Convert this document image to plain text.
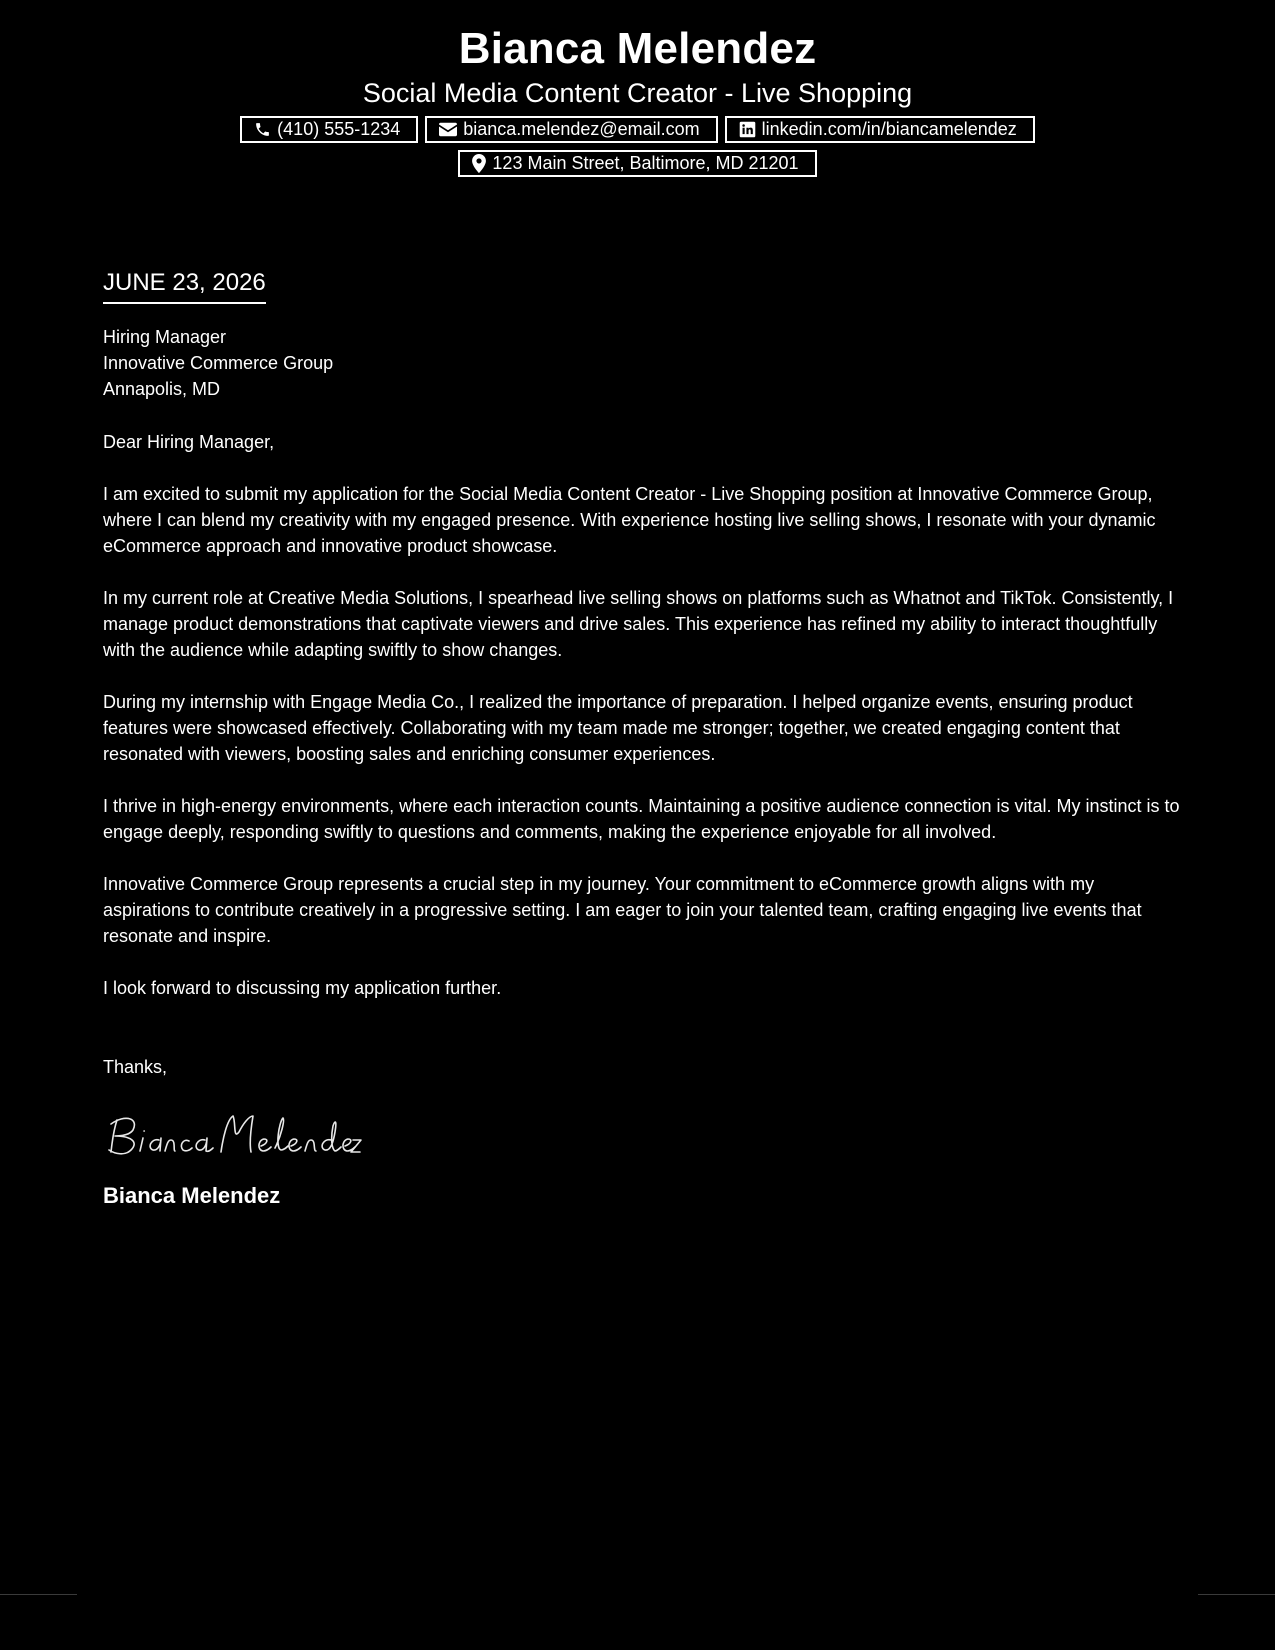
Bianca Melendez
Social Media Content Creator - Live Shopping
(410) 555-1234	bianca.melendez@email.com	linkedin.com/in/biancamelendez
123 Main Street, Baltimore, MD 21201
JUNE 23, 2026
Hiring Manager
Innovative Commerce Group
Annapolis, MD
Dear Hiring Manager,

I am excited to submit my application for the Social Media Content Creator - Live Shopping position at Innovative Commerce Group, where I can blend my creativity with my engaged presence. With experience hosting live selling shows, I resonate with your dynamic eCommerce approach and innovative product showcase.

In my current role at Creative Media Solutions, I spearhead live selling shows on platforms such as Whatnot and TikTok. Consistently, I manage product demonstrations that captivate viewers and drive sales. This experience has refined my ability to interact thoughtfully with the audience while adapting swiftly to show changes.

During my internship with Engage Media Co., I realized the importance of preparation. I helped organize events, ensuring product features were showcased effectively. Collaborating with my team made me stronger; together, we created engaging content that resonated with viewers, boosting sales and enriching consumer experiences.

I thrive in high-energy environments, where each interaction counts. Maintaining a positive audience connection is vital. My instinct is to engage deeply, responding swiftly to questions and comments, making the experience enjoyable for all involved.

Innovative Commerce Group represents a crucial step in my journey. Your commitment to eCommerce growth aligns with my aspirations to contribute creatively in a progressive setting. I am eager to join your talented team, crafting engaging live events that resonate and inspire.

I look forward to discussing my application further.

Thanks,
Bianca Melendez
